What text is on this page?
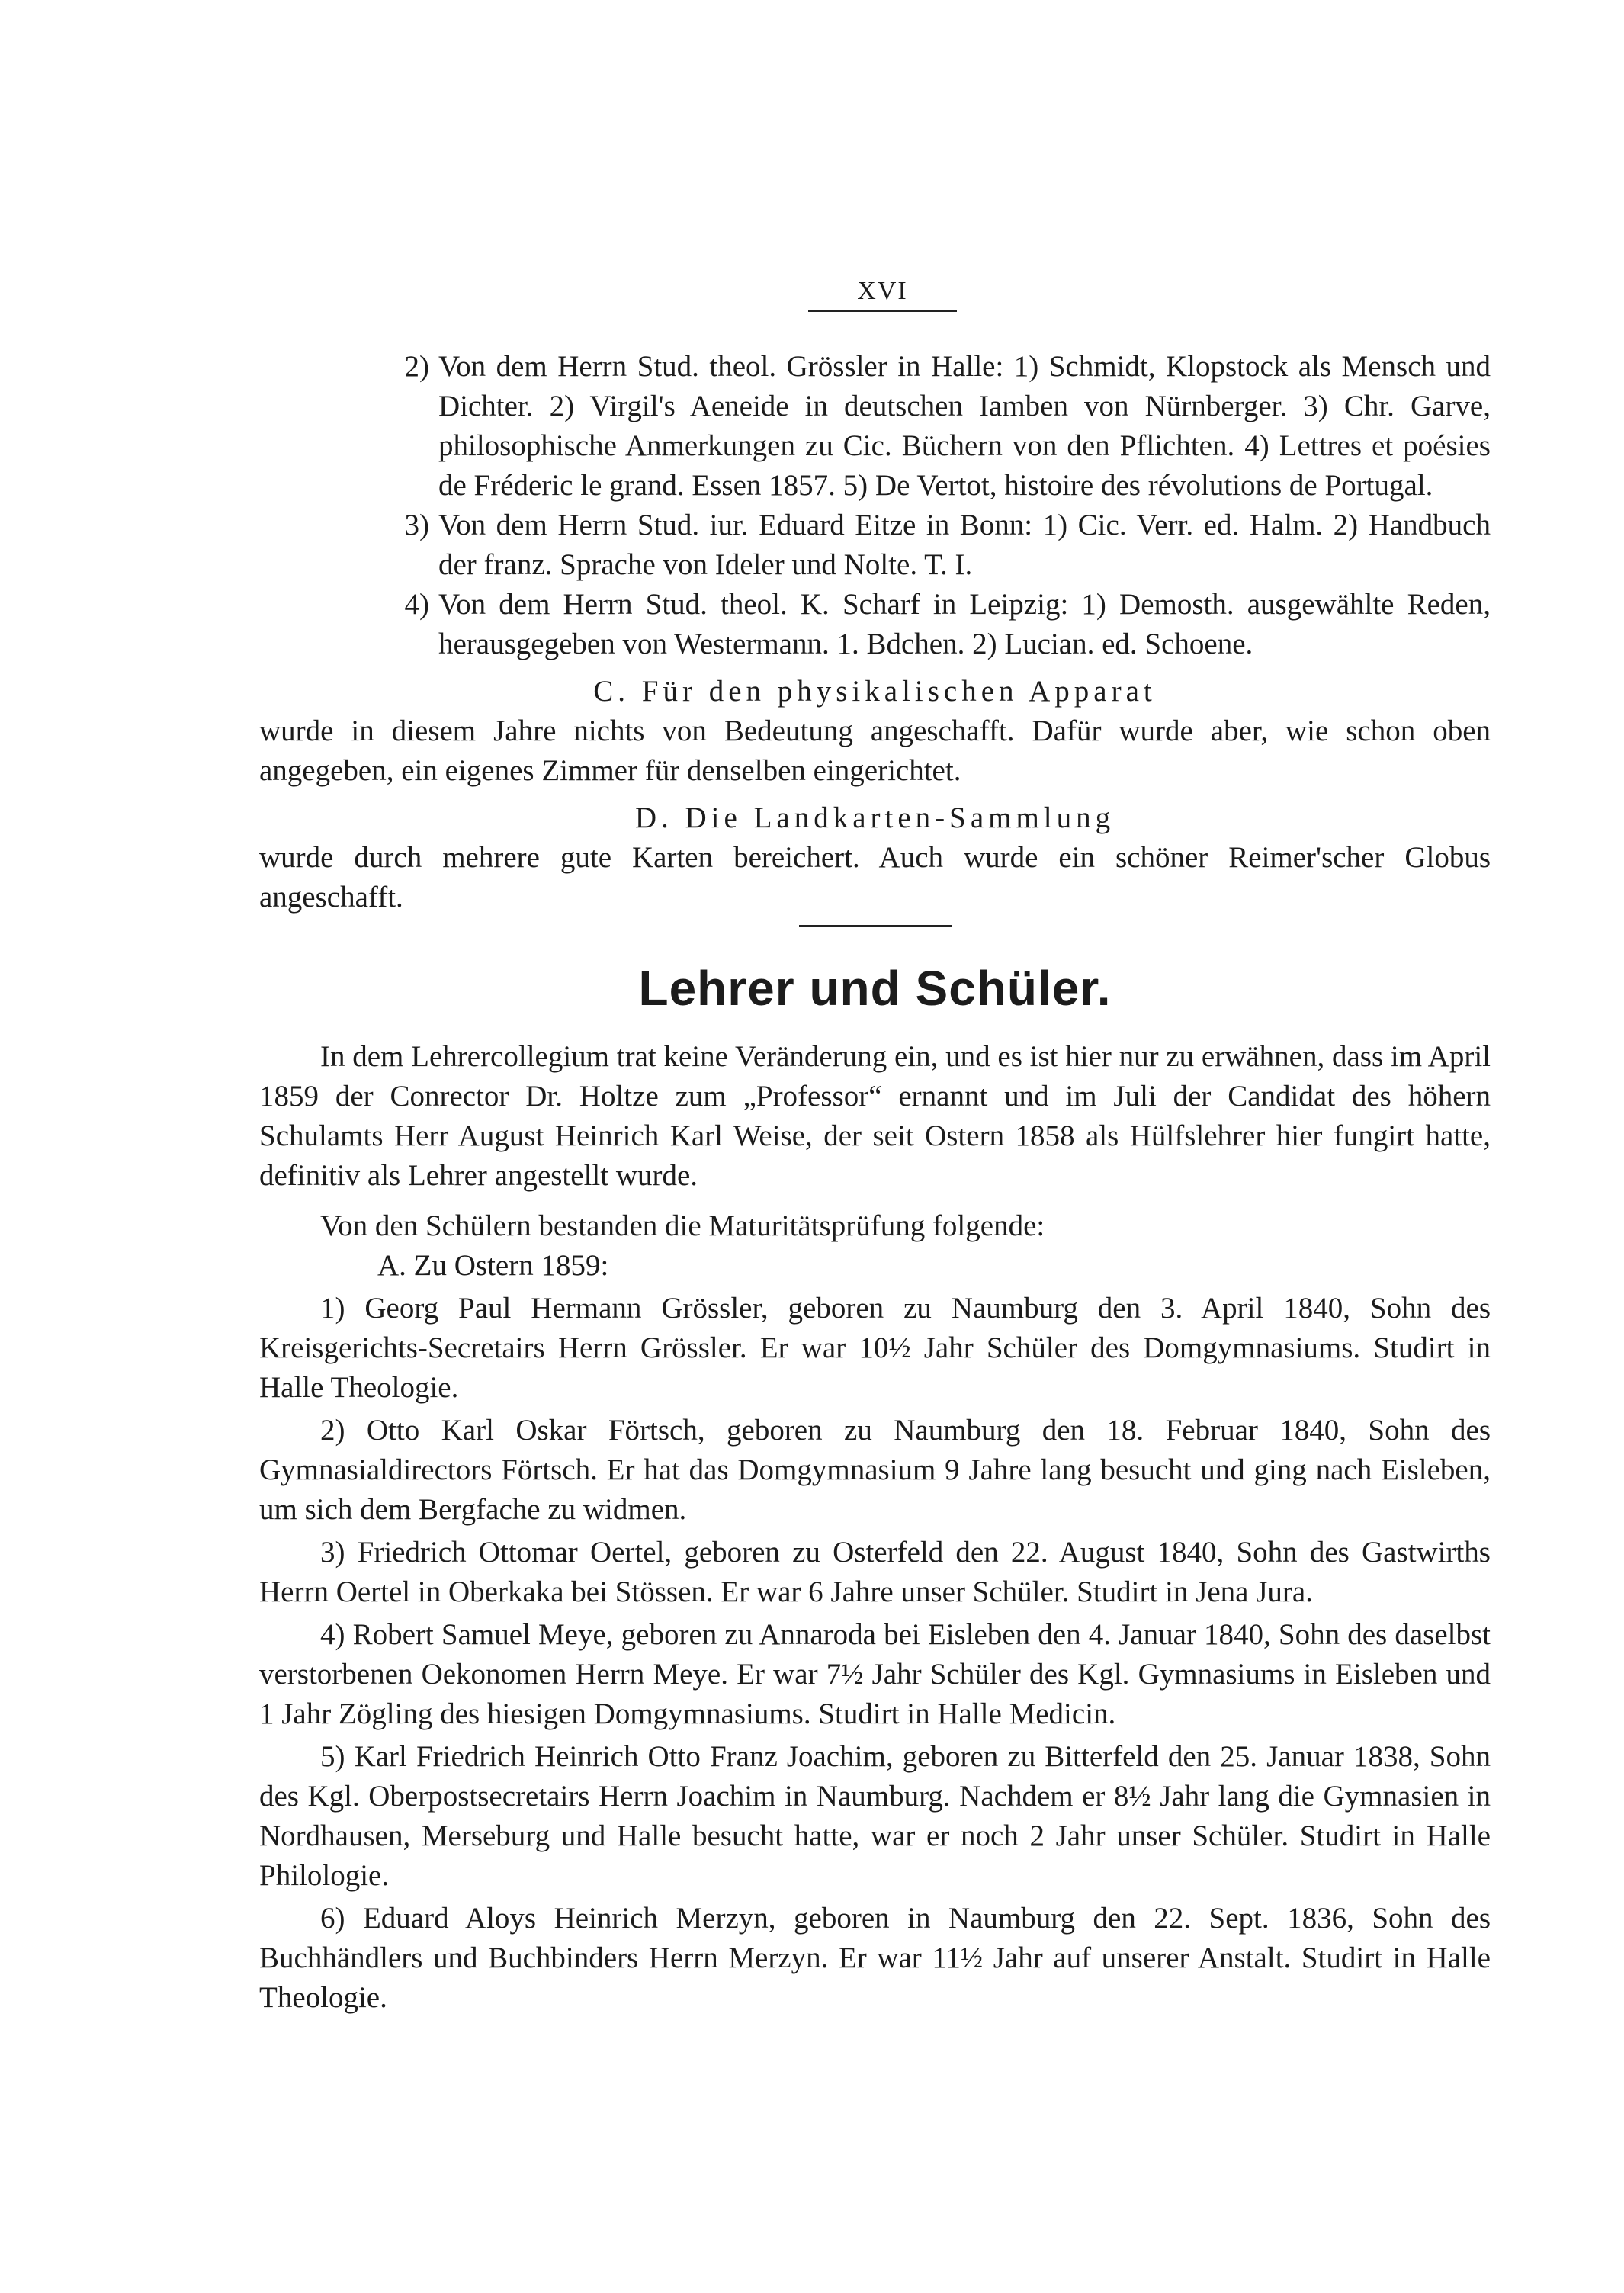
XVI

2) Von dem Herrn Stud. theol. Grössler in Halle: 1) Schmidt, Klopstock als Mensch und Dichter. 2) Virgil's Aeneide in deutschen Iamben von Nürnberger. 3) Chr. Garve, philosophische Anmerkungen zu Cic. Büchern von den Pflichten. 4) Lettres et poésies de Fréderic le grand. Essen 1857. 5) De Vertot, histoire des révolutions de Portugal.

3) Von dem Herrn Stud. iur. Eduard Eitze in Bonn: 1) Cic. Verr. ed. Halm. 2) Handbuch der franz. Sprache von Ideler und Nolte. T. I.

4) Von dem Herrn Stud. theol. K. Scharf in Leipzig: 1) Demosth. ausgewählte Reden, herausgegeben von Westermann. 1. Bdchen. 2) Lucian. ed. Schoene.

C. Für den physikalischen Apparat

wurde in diesem Jahre nichts von Bedeutung angeschafft. Dafür wurde aber, wie schon oben angegeben, ein eigenes Zimmer für denselben eingerichtet.

D. Die Landkarten-Sammlung

wurde durch mehrere gute Karten bereichert. Auch wurde ein schöner Reimer'scher Globus angeschafft.

Lehrer und Schüler.

In dem Lehrercollegium trat keine Veränderung ein, und es ist hier nur zu erwähnen, dass im April 1859 der Conrector Dr. Holtze zum „Professor“ ernannt und im Juli der Candidat des höhern Schulamts Herr August Heinrich Karl Weise, der seit Ostern 1858 als Hülfslehrer hier fungirt hatte, definitiv als Lehrer angestellt wurde.

Von den Schülern bestanden die Maturitätsprüfung folgende:

A. Zu Ostern 1859:

1) Georg Paul Hermann Grössler, geboren zu Naumburg den 3. April 1840, Sohn des Kreisgerichts-Secretairs Herrn Grössler. Er war 10½ Jahr Schüler des Domgymnasiums. Studirt in Halle Theologie.

2) Otto Karl Oskar Förtsch, geboren zu Naumburg den 18. Februar 1840, Sohn des Gymnasialdirectors Förtsch. Er hat das Domgymnasium 9 Jahre lang besucht und ging nach Eisleben, um sich dem Bergfache zu widmen.

3) Friedrich Ottomar Oertel, geboren zu Osterfeld den 22. August 1840, Sohn des Gastwirths Herrn Oertel in Oberkaka bei Stössen. Er war 6 Jahre unser Schüler. Studirt in Jena Jura.

4) Robert Samuel Meye, geboren zu Annaroda bei Eisleben den 4. Januar 1840, Sohn des daselbst verstorbenen Oekonomen Herrn Meye. Er war 7½ Jahr Schüler des Kgl. Gymnasiums in Eisleben und 1 Jahr Zögling des hiesigen Domgymnasiums. Studirt in Halle Medicin.

5) Karl Friedrich Heinrich Otto Franz Joachim, geboren zu Bitterfeld den 25. Januar 1838, Sohn des Kgl. Oberpostsecretairs Herrn Joachim in Naumburg. Nachdem er 8½ Jahr lang die Gymnasien in Nordhausen, Merseburg und Halle besucht hatte, war er noch 2 Jahr unser Schüler. Studirt in Halle Philologie.

6) Eduard Aloys Heinrich Merzyn, geboren in Naumburg den 22. Sept. 1836, Sohn des Buchhändlers und Buchbinders Herrn Merzyn. Er war 11½ Jahr auf unserer Anstalt. Studirt in Halle Theologie.
